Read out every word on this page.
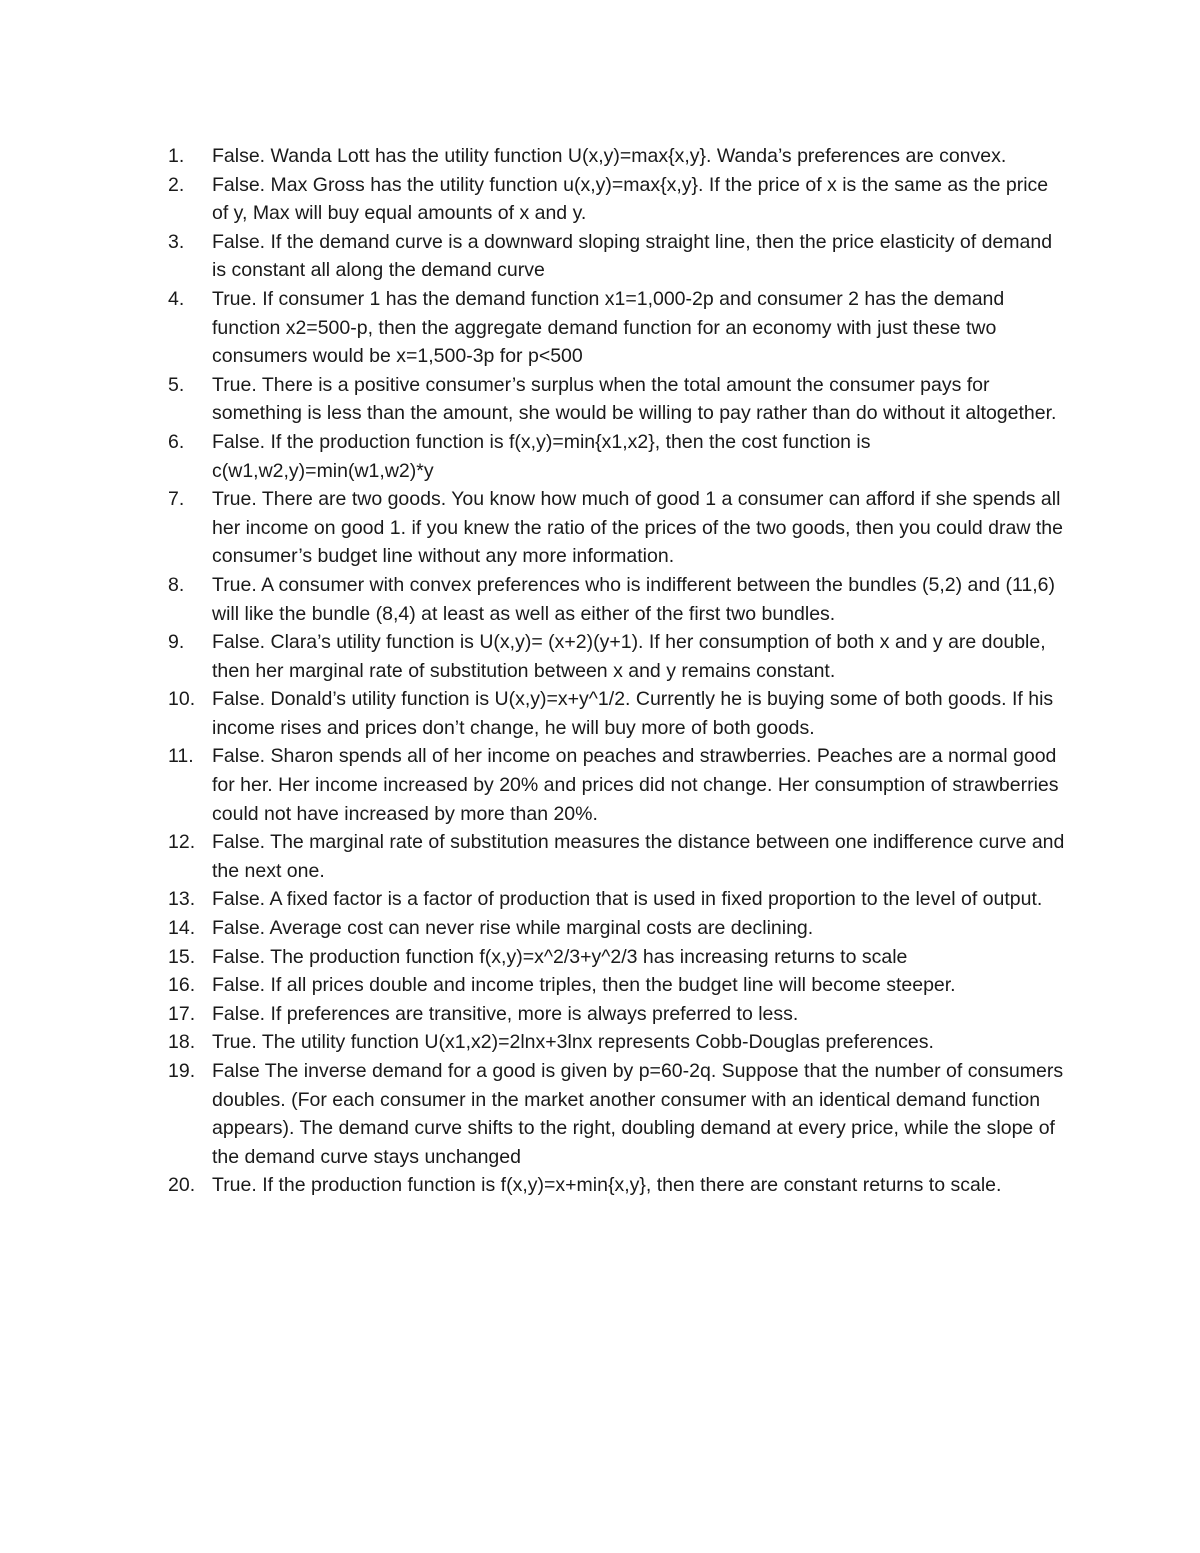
1.	False. Wanda Lott has the utility function U(x,y)=max{x,y}. Wanda’s preferences are convex.
2.	False. Max Gross has the utility function u(x,y)=max{x,y}. If the price of x is the same as the price of y, Max will buy equal amounts of x and y.
3.	False. If the demand curve is a downward sloping straight line, then the price elasticity of demand is constant all along the demand curve
4.	True. If consumer 1 has the demand function x1=1,000-2p and consumer 2 has the demand function x2=500-p, then the aggregate demand function for an economy with just these two consumers would be x=1,500-3p for p<500
5.	True. There is a positive consumer’s surplus when the total amount the consumer pays for something is less than the amount, she would be willing to pay rather than do without it altogether.
6.	False. If the production function is f(x,y)=min{x1,x2}, then the cost function is c(w1,w2,y)=min(w1,w2)*y
7.	True. There are two goods. You know how much of good 1 a consumer can afford if she spends all her income on good 1. if you knew the ratio of the prices of the two goods, then you could draw the consumer’s budget line without any more information.
8.	True. A consumer with convex preferences who is indifferent between the bundles (5,2) and (11,6) will like the bundle (8,4) at least as well as either of the first two bundles.
9.	False. Clara’s utility function is U(x,y)= (x+2)(y+1). If her consumption of both x and y are double, then her marginal rate of substitution between x and y remains constant.
10. False. Donald’s utility function is U(x,y)=x+y^1/2. Currently he is buying some of both goods. If his income rises and prices don’t change, he will buy more of both goods.
11. False. Sharon spends all of her income on peaches and strawberries. Peaches are a normal good for her. Her income increased by 20% and prices did not change. Her consumption of strawberries could not have increased by more than 20%.
12. False. The marginal rate of substitution measures the distance between one indifference curve and the next one.
13. False. A fixed factor is a factor of production that is used in fixed proportion to the level of output.
14. False. Average cost can never rise while marginal costs are declining.
15. False. The production function f(x,y)=x^2/3+y^2/3 has increasing returns to scale
16. False. If all prices double and income triples, then the budget line will become steeper.
17. False. If preferences are transitive, more is always preferred to less.
18. True. The utility function U(x1,x2)=2lnx+3lnx represents Cobb-Douglas preferences.
19. False The inverse demand for a good is given by p=60-2q. Suppose that the number of consumers doubles. (For each consumer in the market another consumer with an identical demand function appears). The demand curve shifts to the right, doubling demand at every price, while the slope of the demand curve stays unchanged
20. True. If the production function is f(x,y)=x+min{x,y}, then there are constant returns to scale.
